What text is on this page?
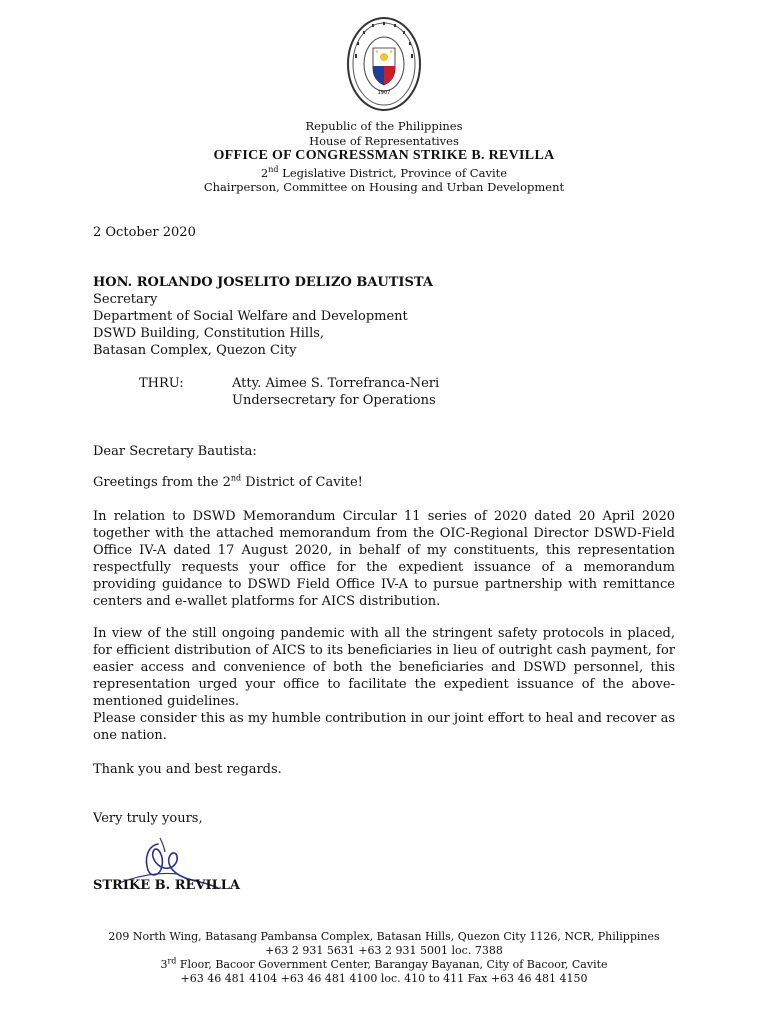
1907
Republic of the Philippines
House of Representatives
OFFICE OF CONGRESSMAN STRIKE B. REVILLA
2nd Legislative District, Province of Cavite
Chairperson, Committee on Housing and Urban Development
2 October 2020
HON. ROLANDO JOSELITO DELIZO BAUTISTA
Secretary
Department of Social Welfare and Development
DSWD Building, Constitution Hills,
Batasan Complex, Quezon City
THRU:	Atty. Aimee S. Torrefranca-Neri
Undersecretary for Operations
Dear Secretary Bautista:
Greetings from the 2nd District of Cavite!
In relation to DSWD Memorandum Circular 11 series of 2020 dated 20 April 2020 together with the attached memorandum from the OIC-Regional Director DSWD-Field Office IV-A dated 17 August 2020, in behalf of my constituents, this representation respectfully requests your office for the expedient issuance of a memorandum providing guidance to DSWD Field Office IV-A to pursue partnership with remittance centers and e-wallet platforms for AICS distribution.
In view of the still ongoing pandemic with all the stringent safety protocols in placed, for efficient distribution of AICS to its beneficiaries in lieu of outright cash payment, for easier access and convenience of both the beneficiaries and DSWD personnel, this representation urged your office to facilitate the expedient issuance of the above-mentioned guidelines.
Please consider this as my humble contribution in our joint effort to heal and recover as one nation.
Thank you and best regards.
Very truly yours,
STRIKE B. REVILLA
209 North Wing, Batasang Pambansa Complex, Batasan Hills, Quezon City 1126, NCR, Philippines
+63 2 931 5631 +63 2 931 5001 loc. 7388
3rd Floor, Bacoor Government Center, Barangay Bayanan, City of Bacoor, Cavite
+63 46 481 4104 +63 46 481 4100 loc. 410 to 411 Fax +63 46 481 4150
